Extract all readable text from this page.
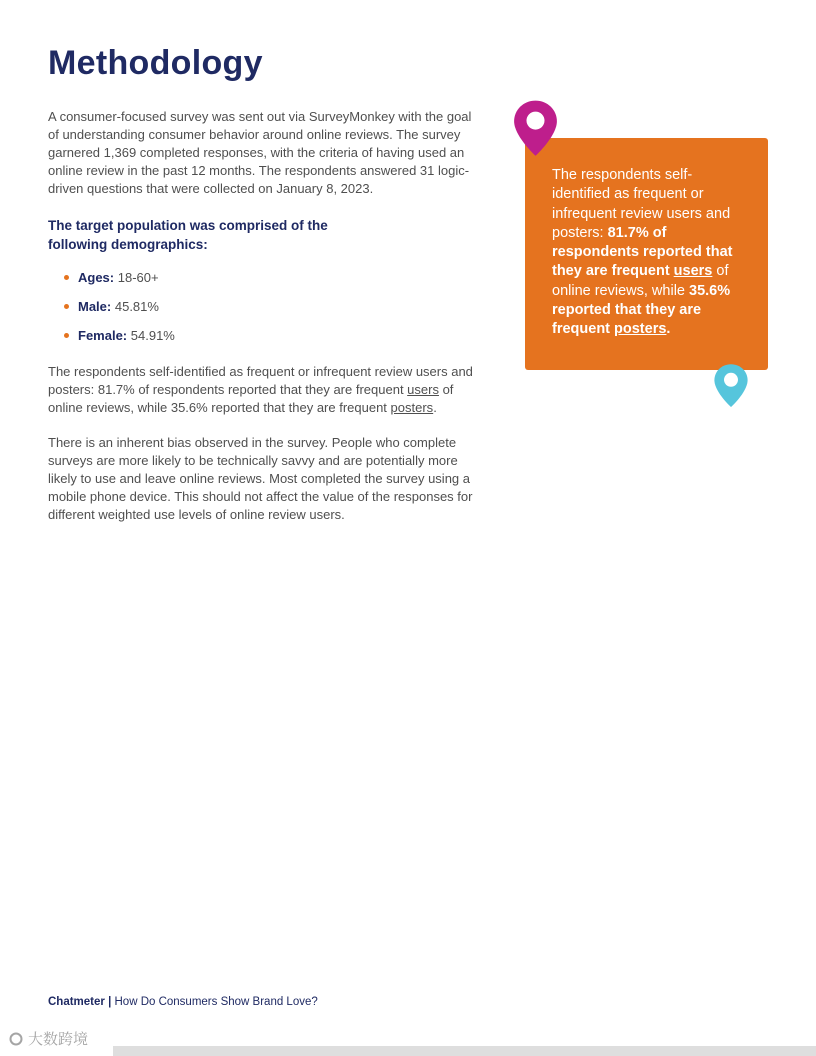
Methodology

A consumer-focused survey was sent out via SurveyMonkey with the goal of understanding consumer behavior around online reviews. The survey garnered 1,369 completed responses, with the criteria of having used an online review in the past 12 months. The respondents answered 31 logic-driven questions that were collected on January 8, 2023.

The target population was comprised of the following demographics:
Ages: 18-60+
Male: 45.81%
Female: 54.91%

The respondents self-identified as frequent or infrequent review users and posters: 81.7% of respondents reported that they are frequent users of online reviews, while 35.6% reported that they are frequent posters.

There is an inherent bias observed in the survey. People who complete surveys are more likely to be technically savvy and are potentially more likely to use and leave online reviews. Most completed the survey using a mobile phone device. This should not affect the value of the responses for different weighted use levels of online review users.

The respondents self-identified as frequent or infrequent review users and posters: 81.7% of respondents reported that they are frequent users of online reviews, while 35.6% reported that they are frequent posters.
Chatmeter | How Do Consumers Show Brand Love?
大数跨境
